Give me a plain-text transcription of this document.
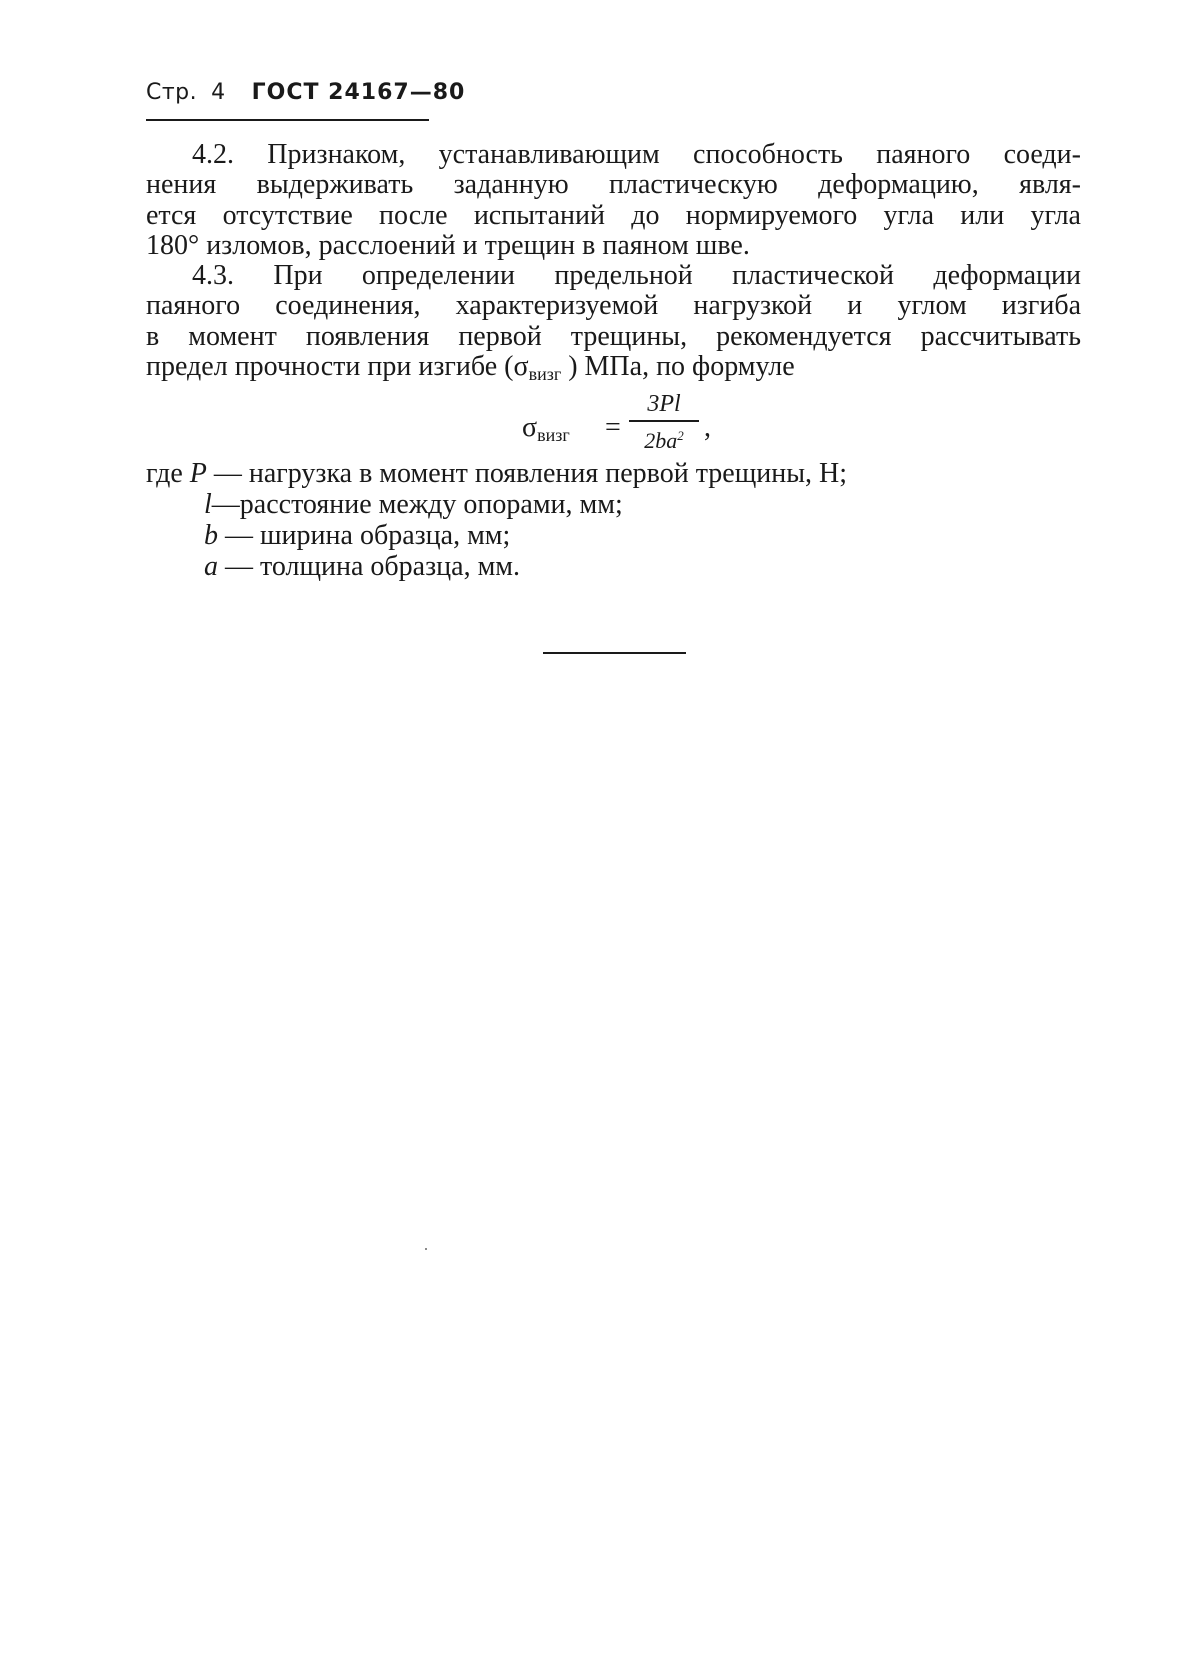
Стр. 4 ГОСТ 24167—80

4.2. Признаком, устанавливающим способность паяного соеди-
нения выдерживать заданную пластическую деформацию, явля-
ется отсутствие после испытаний до нормируемого угла или угла
180° изломов, расслоений и трещин в паяном шве.

4.3. При определении предельной пластической деформации
паяного соединения, характеризуемой нагрузкой и углом изгиба
в момент появления первой трещины, рекомендуется рассчитывать
предел прочности при изгибе ($\sigma_{визг}$ ) МПа, по формуле

$\sigma_{визг}$ =
3Pl
$2ba^2$ ,
где P — нагрузка в момент появления первой трещины, Н;
l—расстояние между опорами, мм;
b — ширина образца, мм;
a — толщина образца, мм.
